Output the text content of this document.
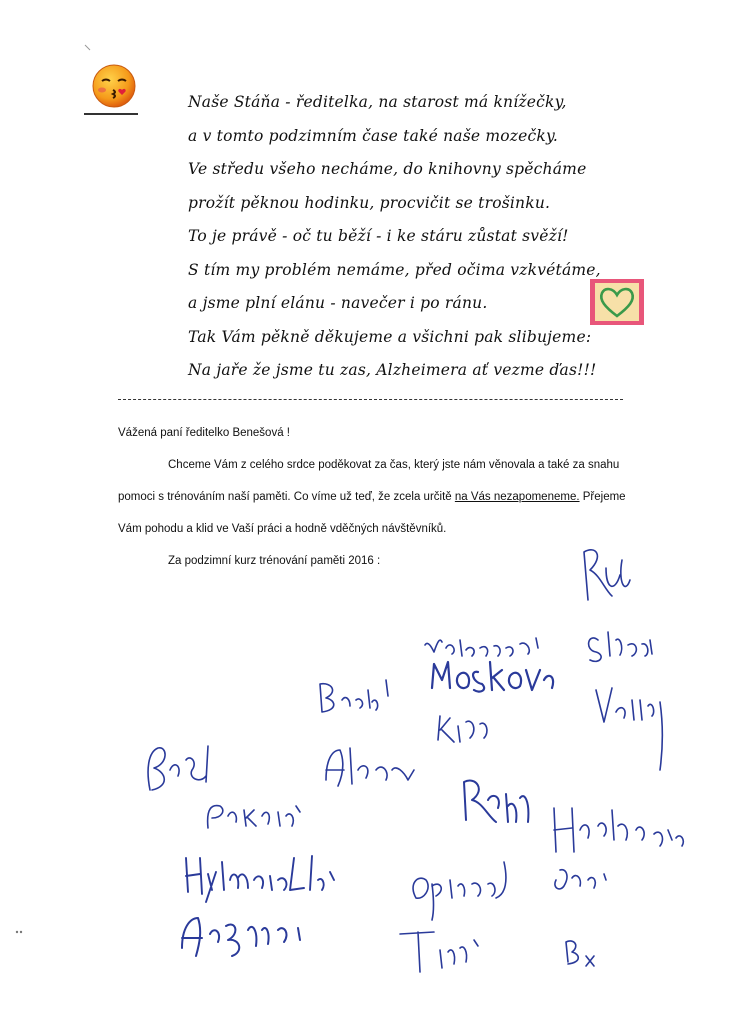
Naše Stáňa - ředitelka, na starost má knížečky,
a v tomto podzimním čase také naše mozečky.
Ve středu všeho necháme, do knihovny spěcháme
prožít pěknou hodinku, procvičit se trošinku.
To je právě - oč tu běží - i ke stáru zůstat svěží!
S tím my problém nemáme, před očima vzkvétáme,
a jsme plní elánu - navečer i po ránu.
Tak Vám pěkně děkujeme a všichni pak slibujeme:
Na jaře že jsme tu zas, Alzheimera ať vezme ďas!!!
Vážená paní ředitelko Benešová !
Chceme Vám z celého srdce poděkovat za čas, který jste nám věnovala a také za snahu
pomoci s trénováním naší paměti. Co víme už teď, že zcela určitě na Vás nezapomeneme. Přejeme
Vám pohodu a klid ve Vaší práci a hodně vděčných návštěvníků.
Za podzimní kurz trénování paměti 2016 :
